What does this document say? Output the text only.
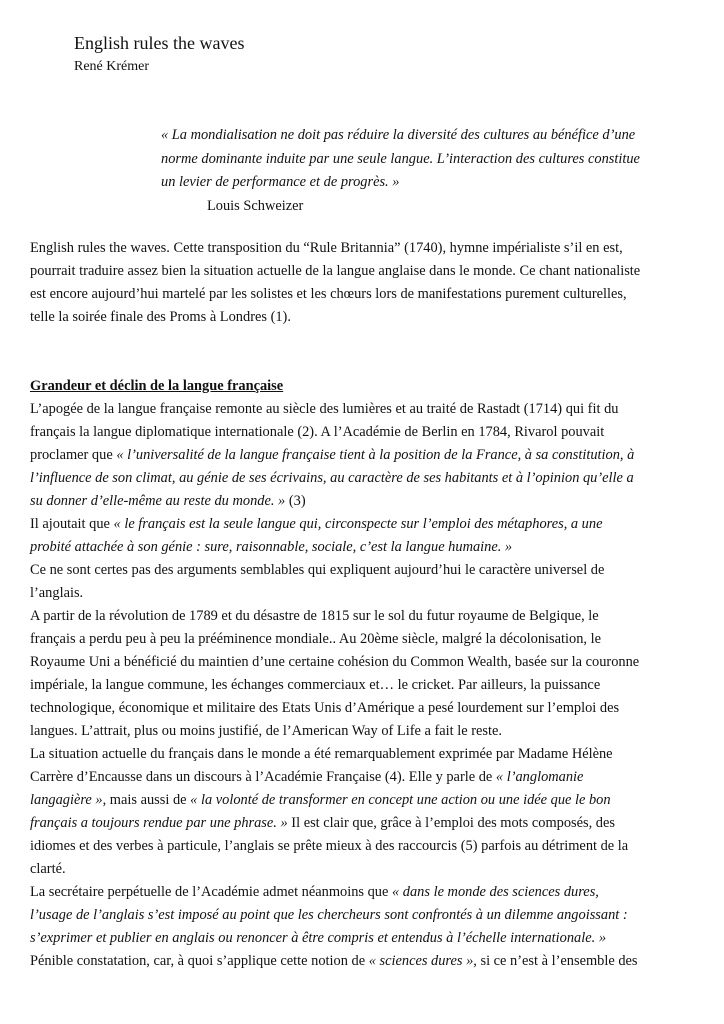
English rules the waves
René Krémer
« La mondialisation ne doit pas réduire la diversité des cultures au bénéfice d’une
norme dominante induite par une seule langue. L’interaction des cultures constitue
un levier de performance et de progrès. »
Louis Schweizer
English rules the waves. Cette transposition du “Rule Britannia” (1740), hymne impérialiste s’il en est,
pourrait traduire assez bien la situation actuelle de la langue anglaise dans le monde. Ce chant nationaliste
est encore aujourd’hui martelé par les solistes et les chœurs lors de manifestations purement culturelles,
telle la soirée finale des Proms à Londres (1).
Grandeur et déclin de la langue française
L’apogée de la langue française remonte au siècle des lumières et au traité de Rastadt (1714) qui fit du
français la langue diplomatique internationale (2). A l’Académie de Berlin en 1784, Rivarol pouvait
proclamer que « l’universalité de la langue française tient à la position de la France, à sa constitution, à
l’influence de son climat, au génie de ses écrivains, au caractère de ses habitants et à l’opinion qu’elle a
su donner d’elle-même au reste du monde. » (3)
Il ajoutait que « le français est la seule langue qui, circonspecte sur l’emploi des métaphores, a une
probité attachée à son génie : sure, raisonnable, sociale, c’est la langue humaine. »
Ce ne sont certes pas des arguments semblables qui expliquent aujourd’hui le caractère universel de
l’anglais.
A partir de la révolution de 1789 et du désastre de 1815 sur le sol du futur royaume de Belgique, le
français a perdu peu à peu la prééminence mondiale.. Au 20ème siècle, malgré la décolonisation, le
Royaume Uni a bénéficié du maintien d’une certaine cohésion du Common Wealth, basée sur la couronne
impériale, la langue commune, les échanges commerciaux et… le cricket. Par ailleurs, la puissance
technologique, économique et militaire des Etats Unis d’Amérique a pesé lourdement sur l’emploi des
langues. L’attrait, plus ou moins justifié, de l’American Way of Life a fait le reste.
La situation actuelle du français dans le monde a été remarquablement exprimée par Madame Hélène
Carrère d’Encausse dans un discours à l’Académie Française (4). Elle y parle de « l’anglomanie
langagière », mais aussi de « la volonté de transformer en concept une action ou une idée que le bon
français a toujours rendue par une phrase. » Il est clair que, grâce à l’emploi des mots composés, des
idiomes et des verbes à particule, l’anglais se prête mieux à des raccourcis (5) parfois au détriment de la
clarté.
La secrétaire perpétuelle de l’Académie admet néanmoins que « dans le monde des sciences dures,
l’usage de l’anglais s’est imposé au point que les chercheurs sont confrontés à un dilemme angoissant :
s’exprimer et publier en anglais ou renoncer à être compris et entendus à l’échelle internationale. »
Pénible constatation, car, à quoi s’applique cette notion de « sciences dures », si ce n’est à l’ensemble des
